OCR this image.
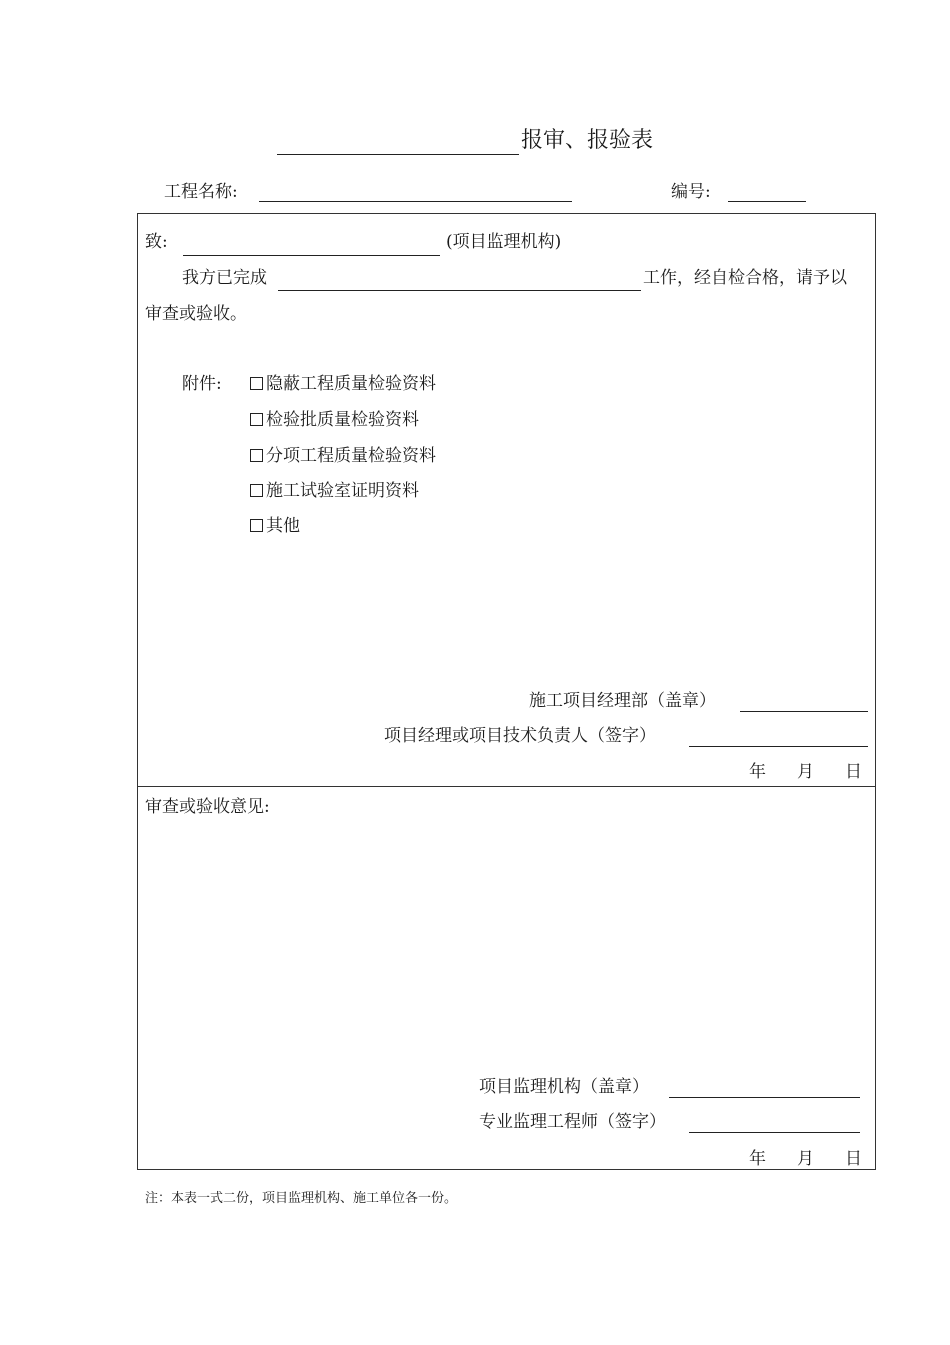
报审、报验表
工程名称:	编号:
致:	(项目监理机构)
我方已完成	工作，经自检合格，请予以
审查或验收。
附件:	隐蔽工程质量检验资料
检验批质量检验资料
分项工程质量检验资料
施工试验室证明资料
其他
施工项目经理部（盖章）
项目经理或项目技术负责人（签字）
年 月 日
审查或验收意见:
项目监理机构（盖章）
专业监理工程师（签字）
年 月 日
注：本表一式二份，项目监理机构、施工单位各一份。
